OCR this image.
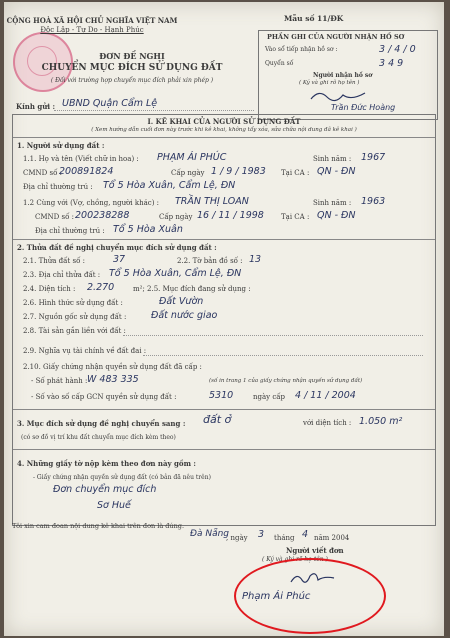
CỘNG HOÀ XÃ HỘI CHỦ NGHĨA VIỆT NAM
Độc Lập - Tự Do - Hạnh Phúc
Mẫu số 11/ĐK
PHẦN GHI CỦA NGƯỜI NHẬN HỒ SƠ
Vào sổ tiếp nhận hồ sơ :	3 / 4 / 0
Quyển số	3 4 9
Người nhận hồ sơ
( Ký và ghi rõ họ tên )
Trần Đức Hoàng
ĐƠN ĐỀ NGHỊ
CHUYỂN MỤC ĐÍCH SỬ DỤNG ĐẤT
( Đối với trường hợp chuyển mục đích phải xin phép )
Kính gửi : UBND Quận Cẩm Lệ
I. KÊ KHAI CỦA NGƯỜI SỬ DỤNG ĐẤT
( Xem hướng dẫn cuối đơn này trước khi kê khai, không tẩy xóa, sửa chữa nội dung đã kê khai )
1. Người sử dụng đất :
1.1. Họ và tên (Viết chữ in hoa) : PHẠM ÁI PHÚC	Sinh năm : 1967
CMND số :
200891824	Cấp ngày 1 / 9 / 1983 Tại CA : QN - ĐN
Địa chỉ thường trú : Tổ 5 Hòa Xuân, Cẩm Lệ, ĐN
1.2 Cùng với (Vợ, chồng, người khác) : TRẦN THỊ LOAN	Sinh năm : 1963
CMND số : 200238288	Cấp ngày 16 / 11 / 1998 Tại CA : QN - ĐN
Địa chỉ thường trú : Tổ 5 Hòa Xuân
2. Thửa đất đề nghị chuyển mục đích sử dụng đất :
2.1. Thửa đất số :	37	2.2. Tờ bản đồ số : 13
2.3. Địa chỉ thửa đất : Tổ 5 Hòa Xuân, Cẩm Lệ, ĐN
2.4. Diện tích : 2.270	m²; 2.5. Mục đích đang sử dụng :
2.6. Hình thức sử dụng đất :	Đất Vườn
2.7. Nguồn gốc sử dụng đất :	Đất nước giao
2.8. Tài sản gắn liền với đất :
2.9. Nghĩa vụ tài chính về đất đai :
2.10. Giấy chứng nhận quyền sử dụng đất đã cấp :
- Số phát hành : W 483 335	(số in trang 1 của giấy chứng nhận quyền sử dụng đất)
- Số vào số cấp GCN quyền sử dụng đất :	5310	ngày cấp 4 / 11 / 2004
3. Mục đích sử dụng đề nghị chuyển sang : đất ở	với diện tích : 1.050 m²
(có sơ đồ vị trí khu đất chuyển mục đích kèm theo)
4. Những giấy tờ nộp kèm theo đơn này gồm :
- Giấy chứng nhận quyền sử dụng đất (có bản đã nêu trên)
Đơn chuyển mục đích
Sơ Huế
Tôi xin cam đoan nội dung kê khai trên đơn là đúng.
Đà Nẵng
, ngày 3 tháng 4 năm 2004
Người viết đơn
( Ký và ghi rõ họ tên )
Phạm Ái Phúc
